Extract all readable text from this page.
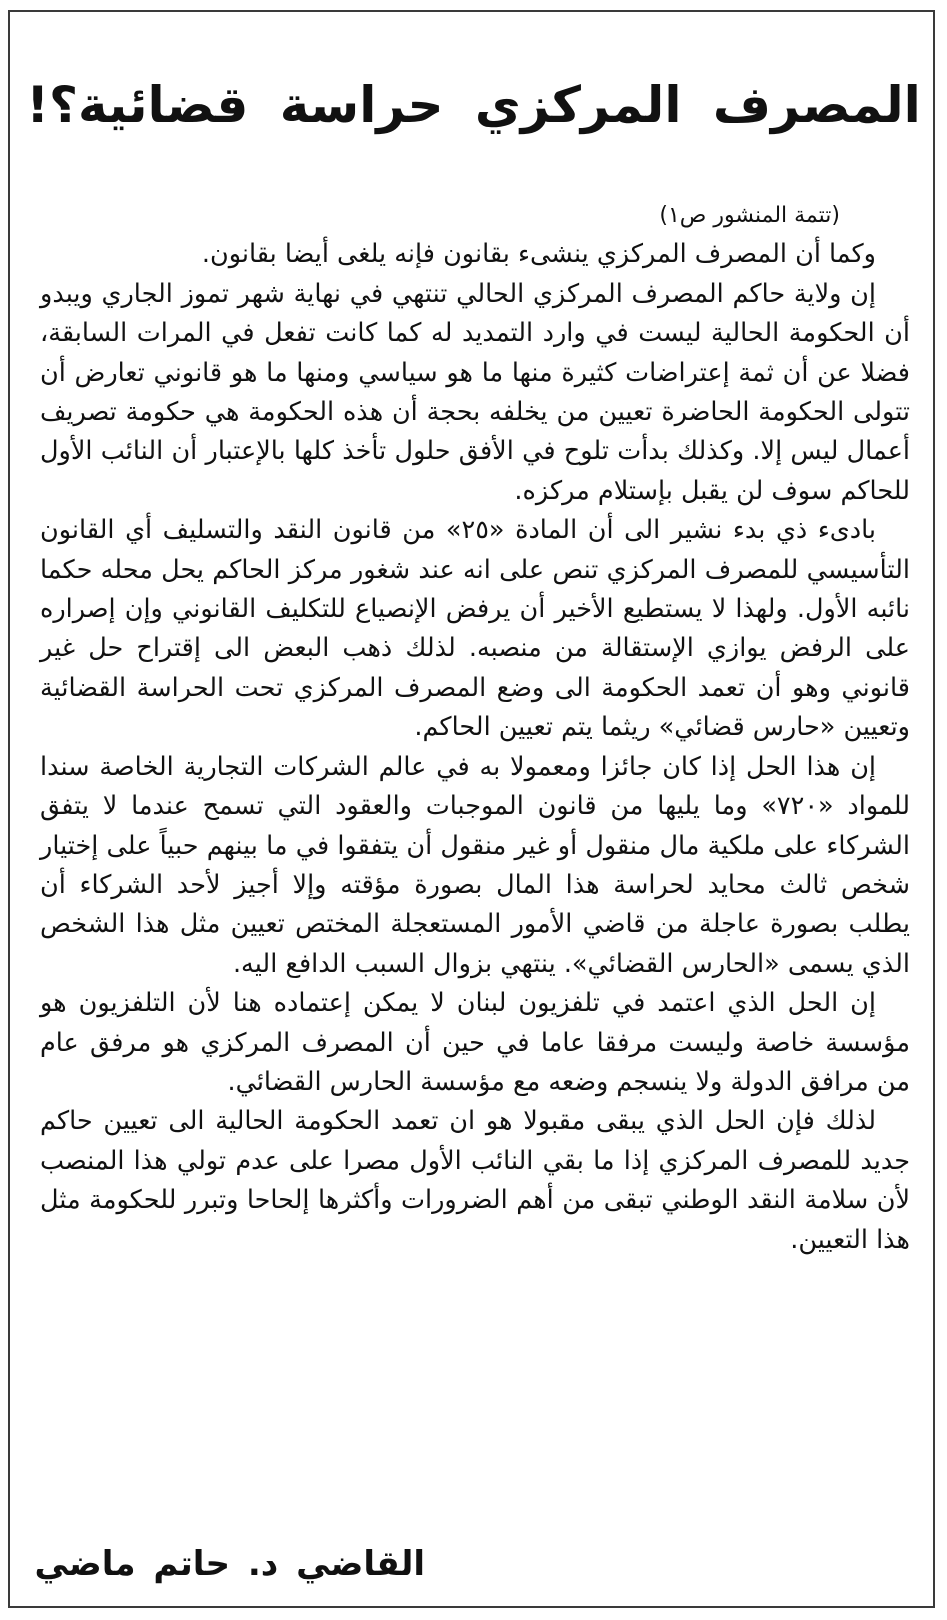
المصرف المركزي حراسة قضائية؟!

(تتمة المنشور ص١)

وكما أن المصرف المركزي ينشىء بقانون فإنه يلغى أيضا بقانون.

إن ولاية حاكم المصرف المركزي الحالي تنتهي في نهاية شهر تموز الجاري ويبدو أن الحكومة الحالية ليست في وارد التمديد له كما كانت تفعل في المرات السابقة، فضلا عن أن ثمة إعتراضات كثيرة منها ما هو سياسي ومنها ما هو قانوني تعارض أن تتولى الحكومة الحاضرة تعيين من يخلفه بحجة أن هذه الحكومة هي حكومة تصريف أعمال ليس إلا. وكذلك بدأت تلوح في الأفق حلول تأخذ كلها بالإعتبار أن النائب الأول للحاكم سوف لن يقبل بإستلام مركزه.

بادىء ذي بدء نشير الى أن المادة «٢٥» من قانون النقد والتسليف أي القانون التأسيسي للمصرف المركزي تنص على انه عند شغور مركز الحاكم يحل محله حكما نائبه الأول. ولهذا لا يستطيع الأخير أن يرفض الإنصياع للتكليف القانوني وإن إصراره على الرفض يوازي الإستقالة من منصبه. لذلك ذهب البعض الى إقتراح حل غير قانوني وهو أن تعمد الحكومة الى وضع المصرف المركزي تحت الحراسة القضائية وتعيين «حارس قضائي» ريثما يتم تعيين الحاكم.

إن هذا الحل إذا كان جائزا ومعمولا به في عالم الشركات التجارية الخاصة سندا للمواد «٧٢٠» وما يليها من قانون الموجبات والعقود التي تسمح عندما لا يتفق الشركاء على ملكية مال منقول أو غير منقول أن يتفقوا في ما بينهم حبياً على إختيار شخص ثالث محايد لحراسة هذا المال بصورة مؤقته وإلا أجيز لأحد الشركاء أن يطلب بصورة عاجلة من قاضي الأمور المستعجلة المختص تعيين مثل هذا الشخص الذي يسمى «الحارس القضائي». ينتهي بزوال السبب الدافع اليه.

إن الحل الذي اعتمد في تلفزيون لبنان لا يمكن إعتماده هنا لأن التلفزيون هو مؤسسة خاصة وليست مرفقا عاما في حين أن المصرف المركزي هو مرفق عام من مرافق الدولة ولا ينسجم وضعه مع مؤسسة الحارس القضائي.

لذلك فإن الحل الذي يبقى مقبولا هو ان تعمد الحكومة الحالية الى تعيين حاكم جديد للمصرف المركزي إذا ما بقي النائب الأول مصرا على عدم تولي هذا المنصب لأن سلامة النقد الوطني تبقى من أهم الضرورات وأكثرها إلحاحا وتبرر للحكومة مثل هذا التعيين.

القاضي د. حاتم ماضي
